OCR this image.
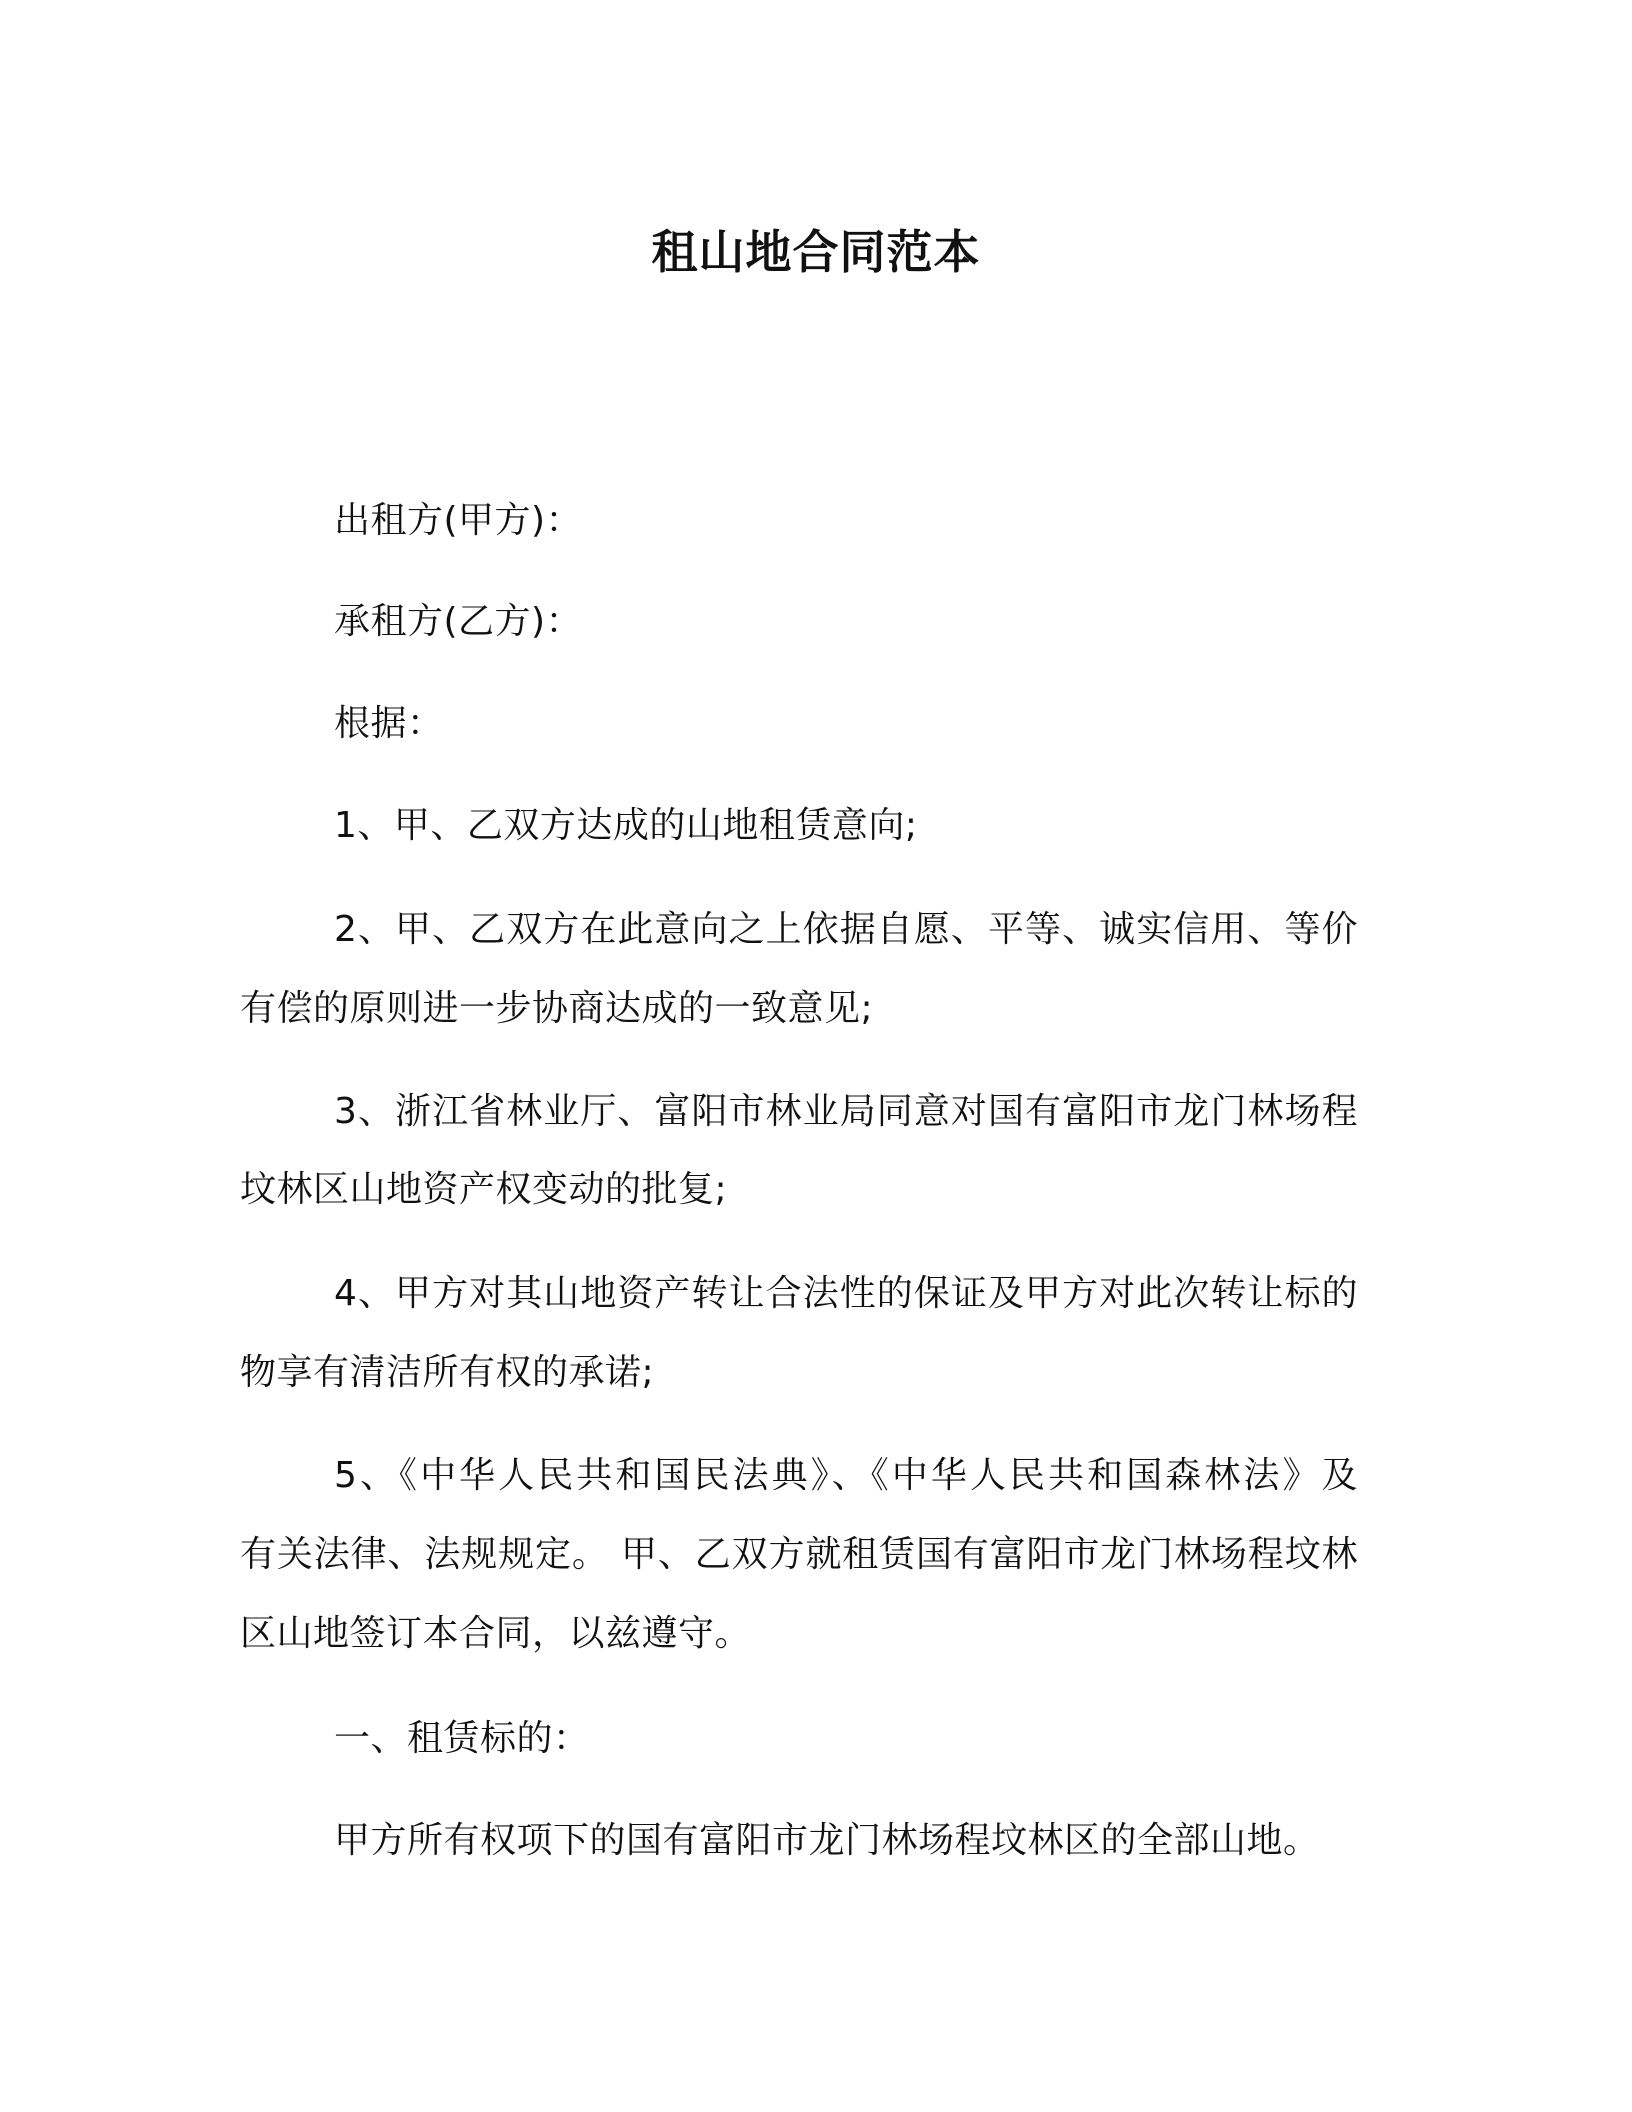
租山地合同范本
出租方(甲方)：
承租方(乙方)：
根据：
1、甲、乙双方达成的山地租赁意向;
2、甲、乙双方在此意向之上依据自愿、平等、诚实信用、等价
有偿的原则进一步协商达成的一致意见;
3、浙江省林业厅、富阳市林业局同意对国有富阳市龙门林场程
坟林区山地资产权变动的批复;
4、甲方对其山地资产转让合法性的保证及甲方对此次转让标的
物享有清洁所有权的承诺;
5、《中华人民共和国民法典》、《中华人民共和国森林法》及
有关法律、法规规定。 甲、乙双方就租赁国有富阳市龙门林场程坟林
区山地签订本合同，以兹遵守。
一、租赁标的：
甲方所有权项下的国有富阳市龙门林场程坟林区的全部山地。
